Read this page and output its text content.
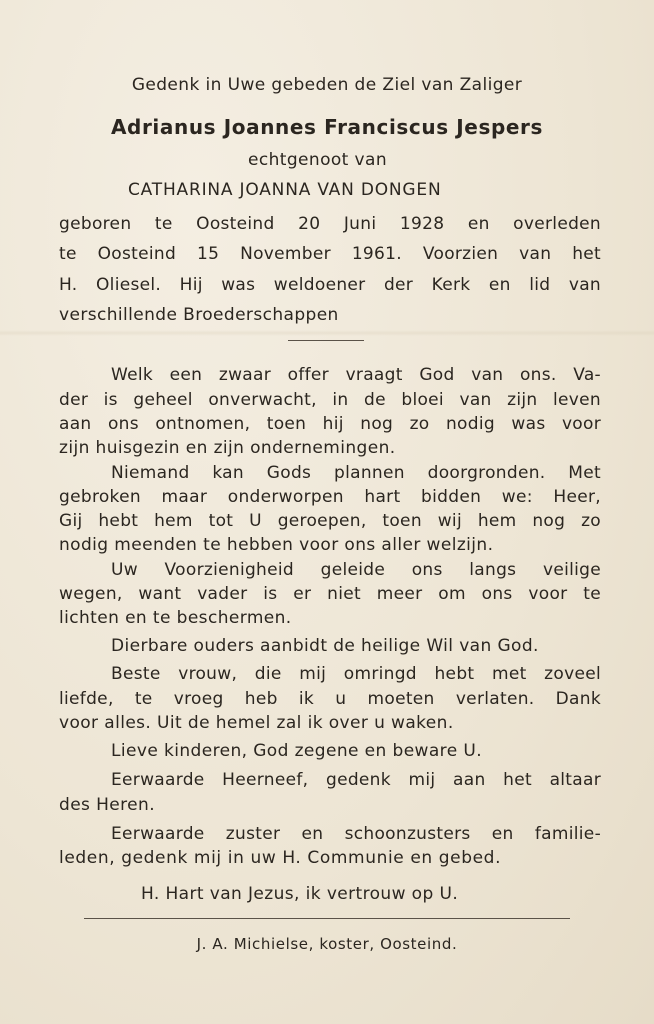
Gedenk in Uwe gebeden de Ziel van Zaliger
Adrianus Joannes Franciscus Jespers
echtgenoot van
CATHARINA JOANNA VAN DONGEN
geboren te Oosteind 20 Juni 1928 en overleden
te Oosteind 15 November 1961. Voorzien van het
H. Oliesel. Hij was weldoener der Kerk en lid van
verschillende Broederschappen
Welk een zwaar offer vraagt God van ons. Va-
der is geheel onverwacht, in de bloei van zijn leven
aan ons ontnomen, toen hij nog zo nodig was voor
zijn huisgezin en zijn ondernemingen.
Niemand kan Gods plannen doorgronden. Met
gebroken maar onderworpen hart bidden we: Heer,
Gij hebt hem tot U geroepen, toen wij hem nog zo
nodig meenden te hebben voor ons aller welzijn.
Uw Voorzienigheid geleide ons langs veilige
wegen, want vader is er niet meer om ons voor te
lichten en te beschermen.
Dierbare ouders aanbidt de heilige Wil van God.
Beste vrouw, die mij omringd hebt met zoveel
liefde, te vroeg heb ik u moeten verlaten. Dank
voor alles. Uit de hemel zal ik over u waken.
Lieve kinderen, God zegene en beware U.
Eerwaarde Heerneef, gedenk mij aan het altaar
des Heren.
Eerwaarde zuster en schoonzusters en familie-
leden, gedenk mij in uw H. Communie en gebed.
H. Hart van Jezus, ik vertrouw op U.
J. A. Michielse, koster, Oosteind.
